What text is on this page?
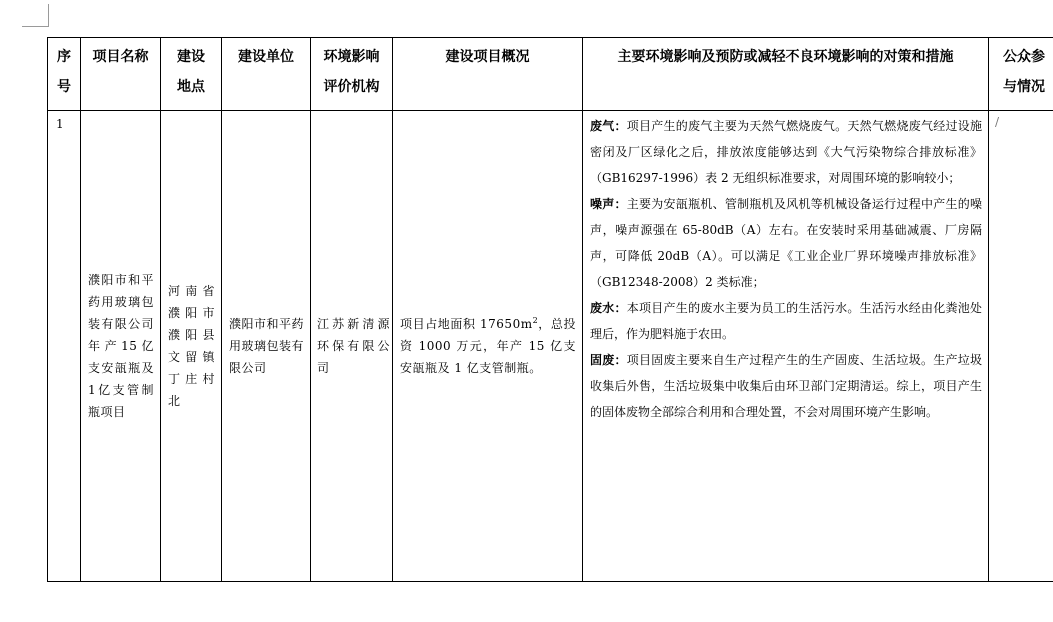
序
号	项目名称	建设
地点	建设单位	环境影响
评价机构	建设项目概况	主要环境影响及预防或减轻不良环境影响的对策和措施	公众参
与情况
1	濮阳市和平药用玻璃包装有限公司年产15亿支安瓿瓶及1亿支管制瓶项目	河南省濮阳市濮阳县文留镇丁庄村北	濮阳市和平药用玻璃包装有限公司	江苏新清源环保有限公司	项目占地面积 $17650m^2$，总投资 1000 万元，年产 15 亿支安瓿瓶及 1 亿支管制瓶。	废气：项目产生的废气主要为天然气燃烧废气。天然气燃烧废气经过设施密闭及厂区绿化之后，排放浓度能够达到《大气污染物综合排放标准》（GB16297-1996）表 2 无组织标准要求，对周围环境的影响较小；

噪声：主要为安瓿瓶机、管制瓶机及风机等机械设备运行过程中产生的噪声，噪声源强在 65-80dB（A）左右。在安装时采用基础减震、厂房隔声，可降低 20dB（A）。可以满足《工业企业厂界环境噪声排放标准》（GB12348-2008）2 类标准；

废水：本项目产生的废水主要为员工的生活污水。生活污水经由化粪池处理后，作为肥料施于农田。

固废：项目固废主要来自生产过程产生的生产固废、生活垃圾。生产垃圾收集后外售，生活垃圾集中收集后由环卫部门定期清运。综上，项目产生的固体废物全部综合利用和合理处置，不会对周围环境产生影响。	/
